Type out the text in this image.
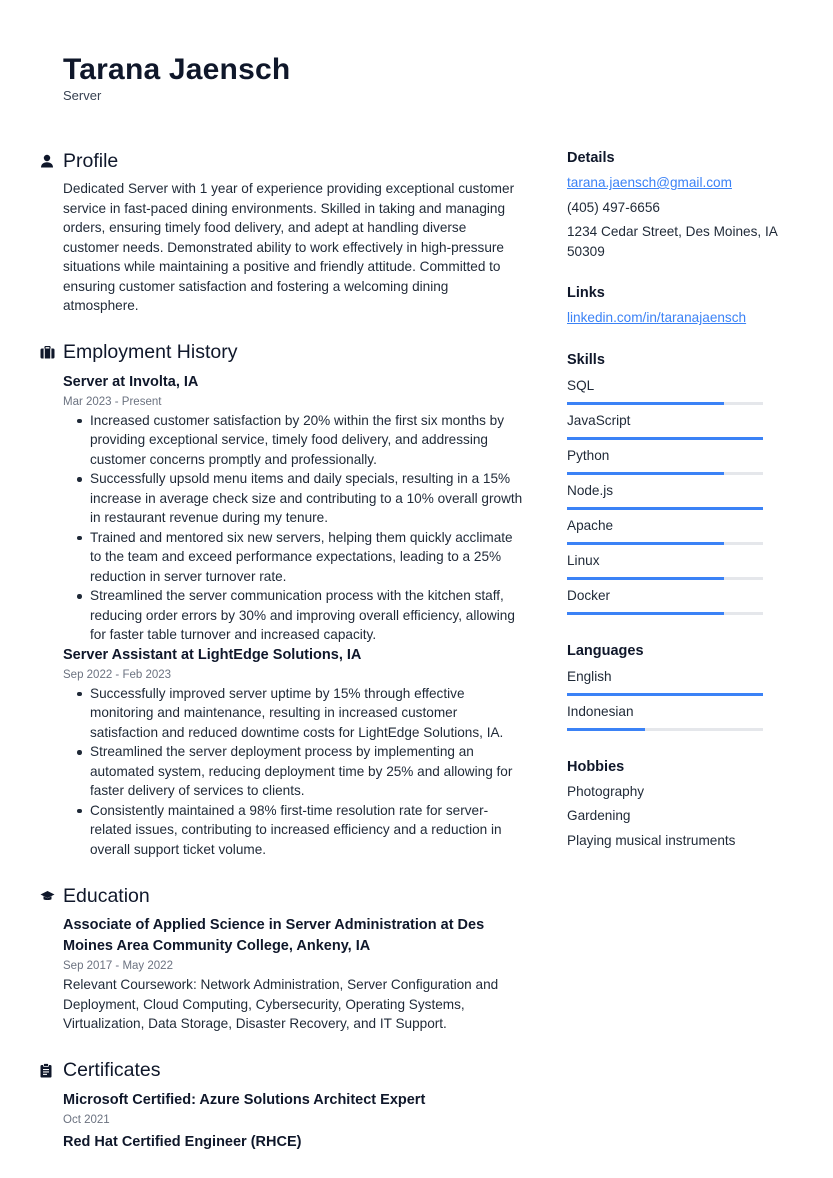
Tarana Jaensch
Server
Profile

Dedicated Server with 1 year of experience providing exceptional customer service in fast-paced dining environments. Skilled in taking and managing orders, ensuring timely food delivery, and adept at handling diverse customer needs. Demonstrated ability to work effectively in high-pressure situations while maintaining a positive and friendly attitude. Committed to ensuring customer satisfaction and fostering a welcoming dining atmosphere.

Employment History
Server at Involta, IA
Mar 2023 - Present
Increased customer satisfaction by 20% within the first six months by providing exceptional service, timely food delivery, and addressing customer concerns promptly and professionally.
Successfully upsold menu items and daily specials, resulting in a 15% increase in average check size and contributing to a 10% overall growth in restaurant revenue during my tenure.
Trained and mentored six new servers, helping them quickly acclimate to the team and exceed performance expectations, leading to a 25% reduction in server turnover rate.
Streamlined the server communication process with the kitchen staff, reducing order errors by 30% and improving overall efficiency, allowing for faster table turnover and increased capacity.
Server Assistant at LightEdge Solutions, IA
Sep 2022 - Feb 2023
Successfully improved server uptime by 15% through effective monitoring and maintenance, resulting in increased customer satisfaction and reduced downtime costs for LightEdge Solutions, IA.
Streamlined the server deployment process by implementing an automated system, reducing deployment time by 25% and allowing for faster delivery of services to clients.
Consistently maintained a 98% first-time resolution rate for server-related issues, contributing to increased efficiency and a reduction in overall support ticket volume.
Education
Associate of Applied Science in Server Administration at Des Moines Area Community College, Ankeny, IA
Sep 2017 - May 2022

Relevant Coursework: Network Administration, Server Configuration and Deployment, Cloud Computing, Cybersecurity, Operating Systems, Virtualization, Data Storage, Disaster Recovery, and IT Support.

Certificates
Microsoft Certified: Azure Solutions Architect Expert
Oct 2021
Red Hat Certified Engineer (RHCE)
Details
tarana.jaensch@gmail.com
(405) 497-6656
1234 Cedar Street, Des Moines, IA 50309
Links
linkedin.com/in/taranajaensch
Skills
SQL
JavaScript
Python
Node.js
Apache
Linux
Docker
Languages
English
Indonesian
Hobbies
Photography
Gardening
Playing musical instruments
